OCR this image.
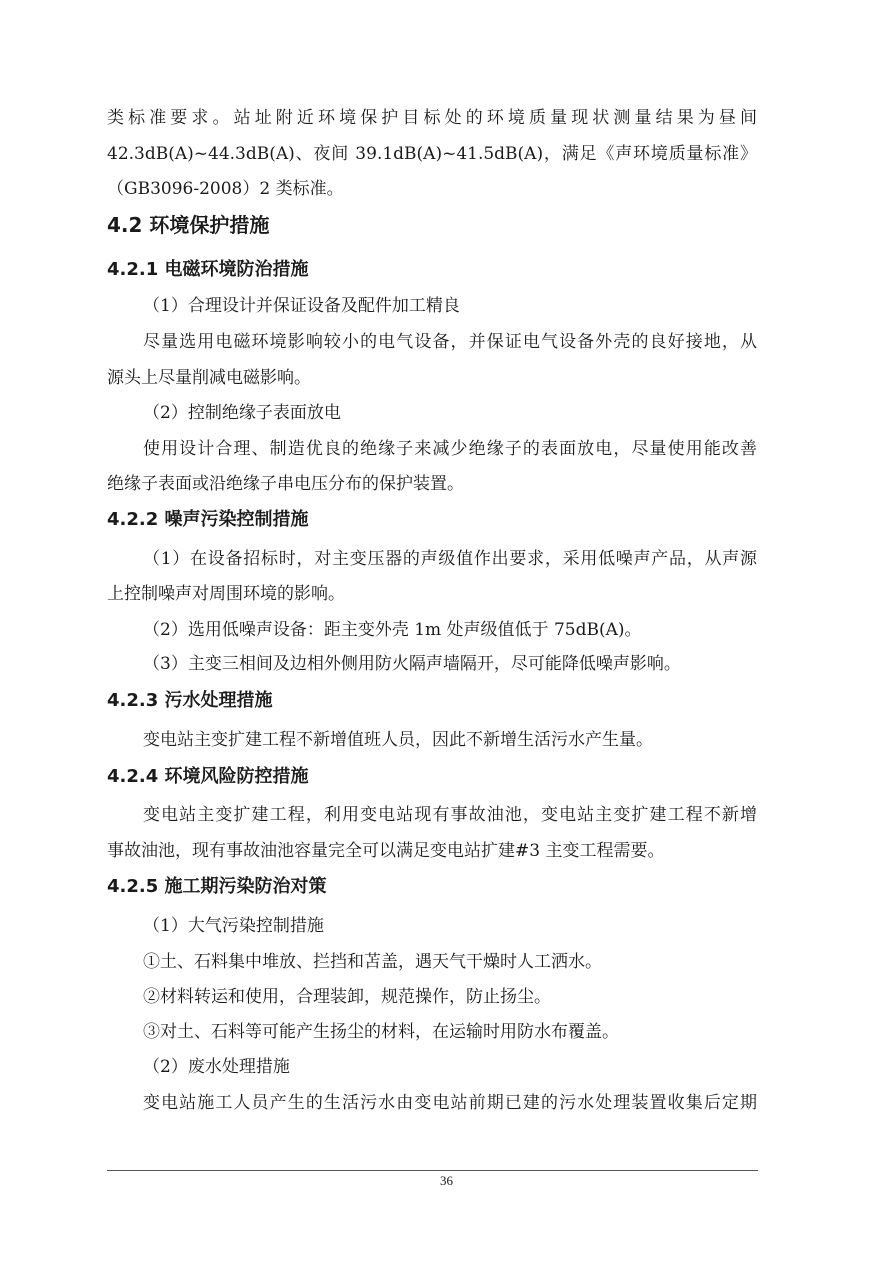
类标准要求。站址附近环境保护目标处的环境质量现状测量结果为昼间
42.3dB(A)~44.3dB(A)、夜间 39.1dB(A)~41.5dB(A)，满足《声环境质量标准》
（GB3096-2008）2 类标准。
4.2 环境保护措施
4.2.1 电磁环境防治措施
（1）合理设计并保证设备及配件加工精良
尽量选用电磁环境影响较小的电气设备，并保证电气设备外壳的良好接地，从
源头上尽量削减电磁影响。
（2）控制绝缘子表面放电
使用设计合理、制造优良的绝缘子来减少绝缘子的表面放电，尽量使用能改善
绝缘子表面或沿绝缘子串电压分布的保护装置。
4.2.2 噪声污染控制措施
（1）在设备招标时，对主变压器的声级值作出要求，采用低噪声产品，从声源
上控制噪声对周围环境的影响。
（2）选用低噪声设备：距主变外壳 1m 处声级值低于 75dB(A)。
（3）主变三相间及边相外侧用防火隔声墙隔开，尽可能降低噪声影响。
4.2.3 污水处理措施
变电站主变扩建工程不新增值班人员，因此不新增生活污水产生量。
4.2.4 环境风险防控措施
变电站主变扩建工程，利用变电站现有事故油池，变电站主变扩建工程不新增
事故油池，现有事故油池容量完全可以满足变电站扩建#3 主变工程需要。
4.2.5 施工期污染防治对策
（1）大气污染控制措施
①土、石料集中堆放、拦挡和苫盖，遇天气干燥时人工洒水。
②材料转运和使用，合理装卸，规范操作，防止扬尘。
③对土、石料等可能产生扬尘的材料，在运输时用防水布覆盖。
（2）废水处理措施
变电站施工人员产生的生活污水由变电站前期已建的污水处理装置收集后定期
36
